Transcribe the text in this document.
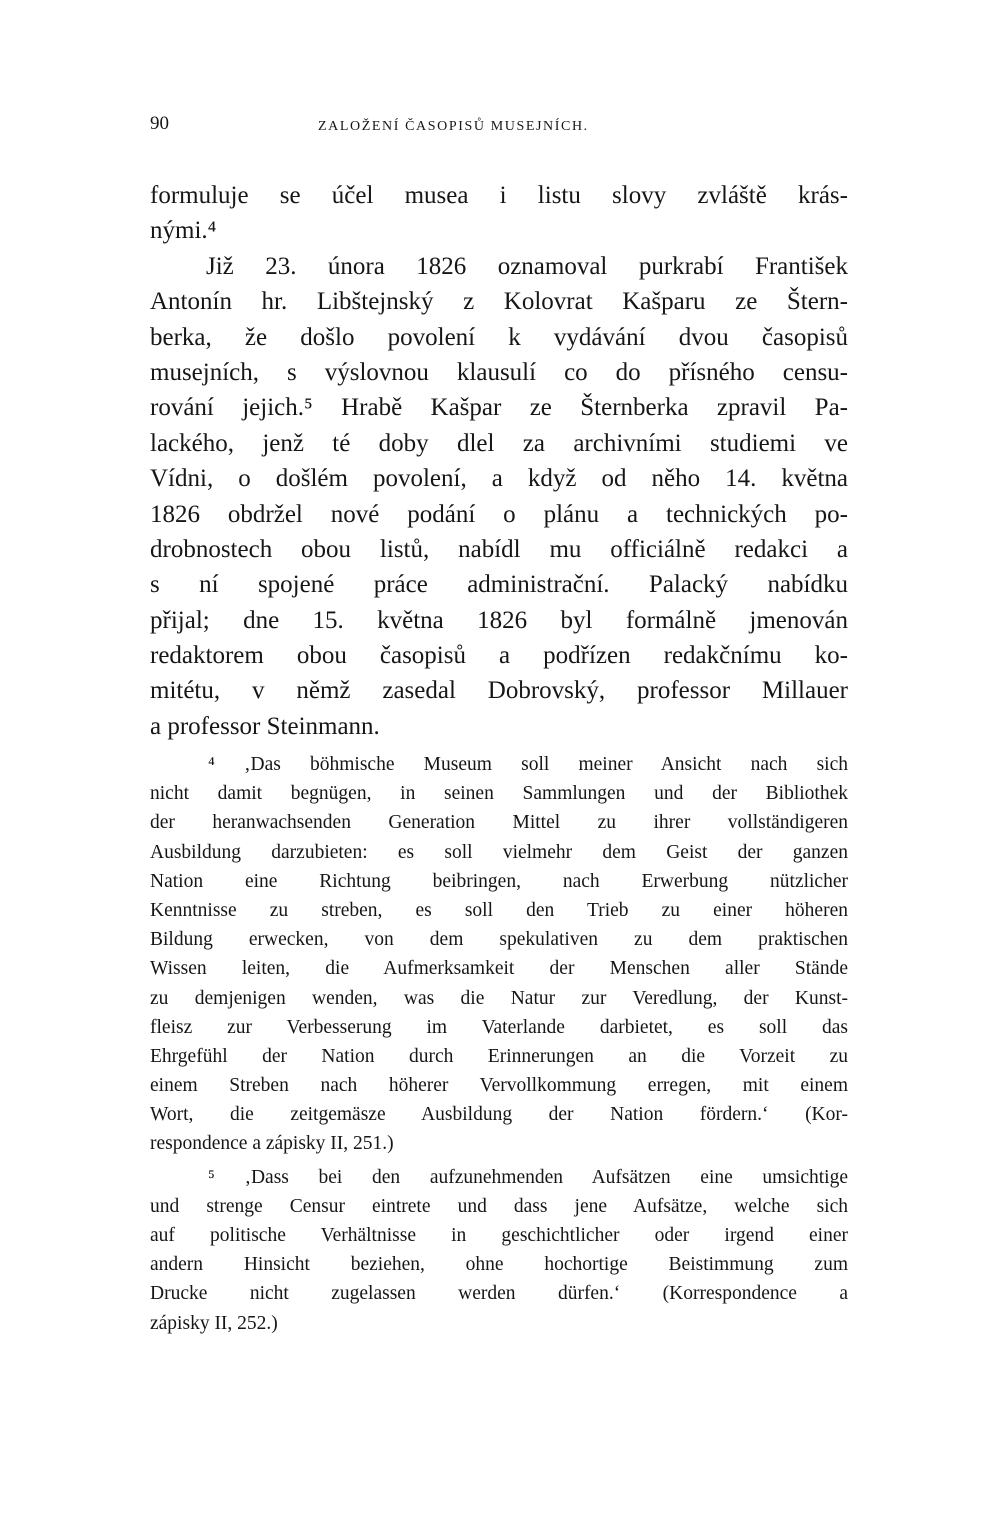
90	ZALOŽENÍ ČASOPISŮ MUSEJNÍCH.
formuluje se účel musea i listu slovy zvláště krás-
nými.⁴
Již 23. února 1826 oznamoval purkrabí František
Antonín hr. Libštejnský z Kolovrat Kašparu ze Štern-
berka, že došlo povolení k vydávání dvou časopisů
musejních, s výslovnou klausulí co do přísného censu-
rování jejich.⁵ Hrabě Kašpar ze Šternberka zpravil Pa-
lackého, jenž té doby dlel za archivními studiemi ve
Vídni, o došlém povolení, a když od něho 14. května
1826 obdržel nové podání o plánu a technických po-
drobnostech obou listů, nabídl mu officiálně redakci a
s ní spojené práce administrační. Palacký nabídku
přijal; dne 15. května 1826 byl formálně jmenován
redaktorem obou časopisů a podřízen redakčnímu ko-
mitétu, v němž zasedal Dobrovský, professor Millauer
a professor Steinmann.
⁴ ‚Das böhmische Museum soll meiner Ansicht nach sich
nicht damit begnügen, in seinen Sammlungen und der Bibliothek
der heranwachsenden Generation Mittel zu ihrer vollständigeren
Ausbildung darzubieten: es soll vielmehr dem Geist der ganzen
Nation eine Richtung beibringen, nach Erwerbung nützlicher
Kenntnisse zu streben, es soll den Trieb zu einer höheren
Bildung erwecken, von dem spekulativen zu dem praktischen
Wissen leiten, die Aufmerksamkeit der Menschen aller Stände
zu demjenigen wenden, was die Natur zur Veredlung, der Kunst-
fleisz zur Verbesserung im Vaterlande darbietet, es soll das
Ehrgefühl der Nation durch Erinnerungen an die Vorzeit zu
einem Streben nach höherer Vervollkommung erregen, mit einem
Wort, die zeitgemäsze Ausbildung der Nation fördern.‘ (Kor-
respondence a zápisky II, 251.)
⁵ ‚Dass bei den aufzunehmenden Aufsätzen eine umsichtige
und strenge Censur eintrete und dass jene Aufsätze, welche sich
auf politische Verhältnisse in geschichtlicher oder irgend einer
andern Hinsicht beziehen, ohne hochortige Beistimmung zum
Drucke nicht zugelassen werden dürfen.‘ (Korrespondence a
zápisky II, 252.)
